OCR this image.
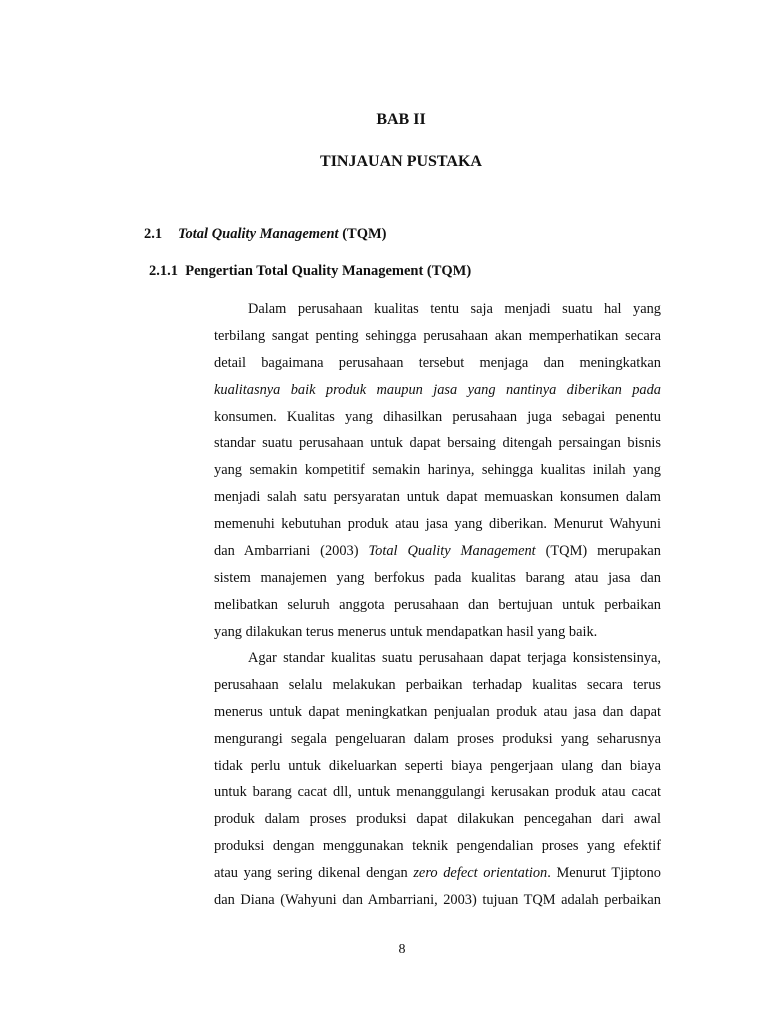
BAB II
TINJAUAN PUSTAKA
2.1 Total Quality Management (TQM)
2.1.1  Pengertian Total Quality Management (TQM)
Dalam perusahaan kualitas tentu saja menjadi suatu hal yang
terbilang sangat penting sehingga perusahaan akan memperhatikan secara
detail bagaimana perusahaan tersebut menjaga dan meningkatkan
kualitasnya baik produk maupun jasa yang nantinya diberikan pada
konsumen. Kualitas yang dihasilkan perusahaan juga sebagai penentu
standar suatu perusahaan untuk dapat bersaing ditengah persaingan bisnis
yang semakin kompetitif semakin harinya, sehingga kualitas inilah yang
menjadi salah satu persyaratan untuk dapat memuaskan konsumen dalam
memenuhi kebutuhan produk atau jasa yang diberikan. Menurut Wahyuni
dan Ambarriani (2003) Total Quality Management (TQM) merupakan
sistem manajemen yang berfokus pada kualitas barang atau jasa dan
melibatkan seluruh anggota perusahaan dan bertujuan untuk perbaikan
yang dilakukan terus menerus untuk mendapatkan hasil yang baik.
Agar standar kualitas suatu perusahaan dapat terjaga konsistensinya,
perusahaan selalu melakukan perbaikan terhadap kualitas secara terus
menerus untuk dapat meningkatkan penjualan produk atau jasa dan dapat
mengurangi segala pengeluaran dalam proses produksi yang seharusnya
tidak perlu untuk dikeluarkan seperti biaya pengerjaan ulang dan biaya
untuk barang cacat dll, untuk menanggulangi kerusakan produk atau cacat
produk dalam proses produksi dapat dilakukan pencegahan dari awal
produksi dengan menggunakan teknik pengendalian proses yang efektif
atau yang sering dikenal dengan zero defect orientation. Menurut Tjiptono
dan Diana (Wahyuni dan Ambarriani, 2003) tujuan TQM adalah perbaikan
8
